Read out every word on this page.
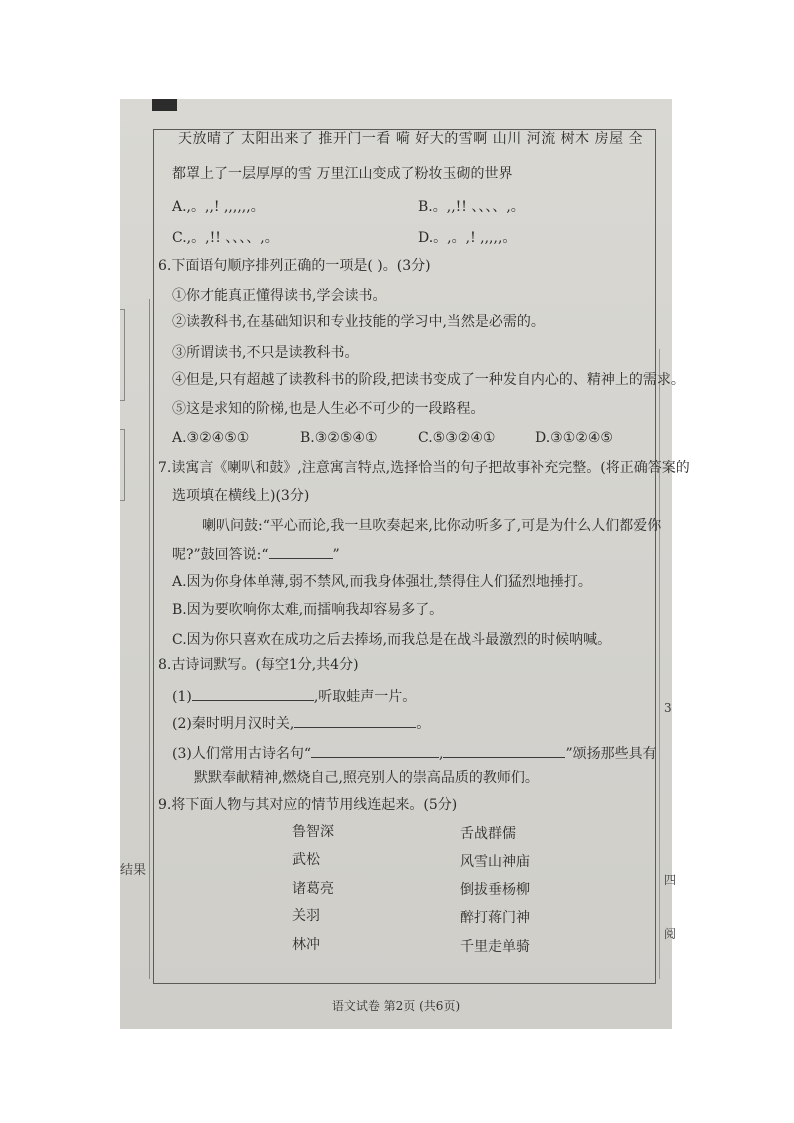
结果
3
四
阅
天放晴了 太阳出来了 推开门一看 嗬 好大的雪啊 山川 河流 树木 房屋 全
都罩上了一层厚厚的雪 万里江山变成了粉妆玉砌的世界
A.,。,,! ,,,,,,。	B.。,,!! 、、、、,。
C.,。,!! 、、、、,。	D.。,。,! ,,,,,。
6.下面语句顺序排列正确的一项是( )。(3分)
①你才能真正懂得读书,学会读书。
②读教科书,在基础知识和专业技能的学习中,当然是必需的。
③所谓读书,不只是读教科书。
④但是,只有超越了读教科书的阶段,把读书变成了一种发自内心的、精神上的需求。
⑤这是求知的阶梯,也是人生必不可少的一段路程。
A.③②④⑤①	B.③②⑤④①	C.⑤③②④①	D.③①②④⑤
7.读寓言《喇叭和鼓》,注意寓言特点,选择恰当的句子把故事补充完整。(将正确答案的
选项填在横线上)(3分)
喇叭问鼓:“平心而论,我一旦吹奏起来,比你动听多了,可是为什么人们都爱你
呢?”鼓回答说:“	”
A.因为你身体单薄,弱不禁风,而我身体强壮,禁得住人们猛烈地捶打。
B.因为要吹响你太难,而擂响我却容易多了。
C.因为你只喜欢在成功之后去捧场,而我总是在战斗最激烈的时候呐喊。
8.古诗词默写。(每空1分,共4分)
(1)	,听取蛙声一片。
(2)秦时明月汉时关,	。
(3)人们常用古诗名句“	,	”颂扬那些具有
默默奉献精神,燃烧自己,照亮别人的崇高品质的教师们。
9.将下面人物与其对应的情节用线连起来。(5分)
鲁智深
武松
诸葛亮
关羽
林冲
舌战群儒
风雪山神庙
倒拔垂杨柳
醉打蒋门神
千里走单骑
语文试卷 第2页 (共6页)
